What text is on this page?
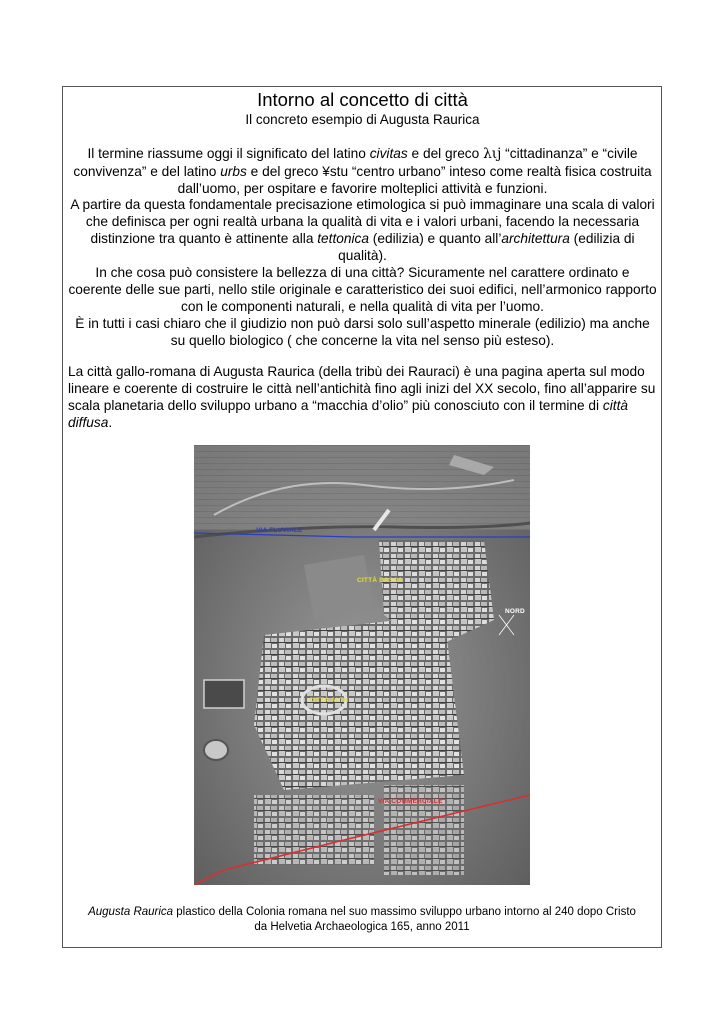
Intorno al concetto di città
Il concreto esempio di Augusta Raurica
Il termine riassume oggi il significato del latino civitas e del greco λιj “cittadinanza” e “civile convivenza” e del latino urbs e del greco ¥stu “centro urbano” inteso come realtà fisica costruita dall’uomo, per ospitare e favorire molteplici attività e funzioni.
A partire da questa fondamentale precisazione etimologica si può immaginare una scala di valori che definisca per ogni realtà urbana la qualità di vita e i valori urbani, facendo la necessaria distinzione tra quanto è attinente alla tettonica (edilizia) e quanto all’architettura (edilizia di qualità).
In che cosa può consistere la bellezza di una città? Sicuramente nel carattere ordinato e coerente delle sue parti, nello stile originale e caratteristico dei suoi edifici, nell’armonico rapporto con le componenti naturali, e nella qualità di vita per l’uomo.
È in tutti i casi chiaro che il giudizio non può darsi solo sull’aspetto minerale (edilizio) ma anche su quello biologico ( che concerne la vita nel senso più esteso).
La città gallo-romana di Augusta Raurica (della tribù dei Rauraci) è una pagina aperta sul modo lineare e coerente di costruire le città nell’antichità fino agli inizi del XX secolo, fino all’apparire su scala planetaria dello sviluppo urbano a “macchia d’olio” più conosciuto con il termine di città diffusa.
VIA FLUVIALE
CITTÀ BASSA
NORD
CITTÀ ALTA
VIA COMMERCIALE
Augusta Raurica plastico della Colonia romana nel suo massimo sviluppo urbano intorno al 240 dopo Cristo
da Helvetia Archaeologica 165, anno 2011
